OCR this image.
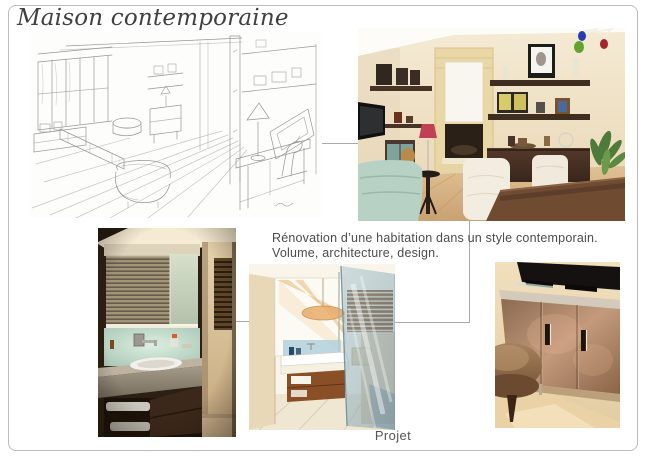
Maison contemporaine
Rénovation d’une habitation dans un style contemporain.
Volume, architecture, design.
Projet
